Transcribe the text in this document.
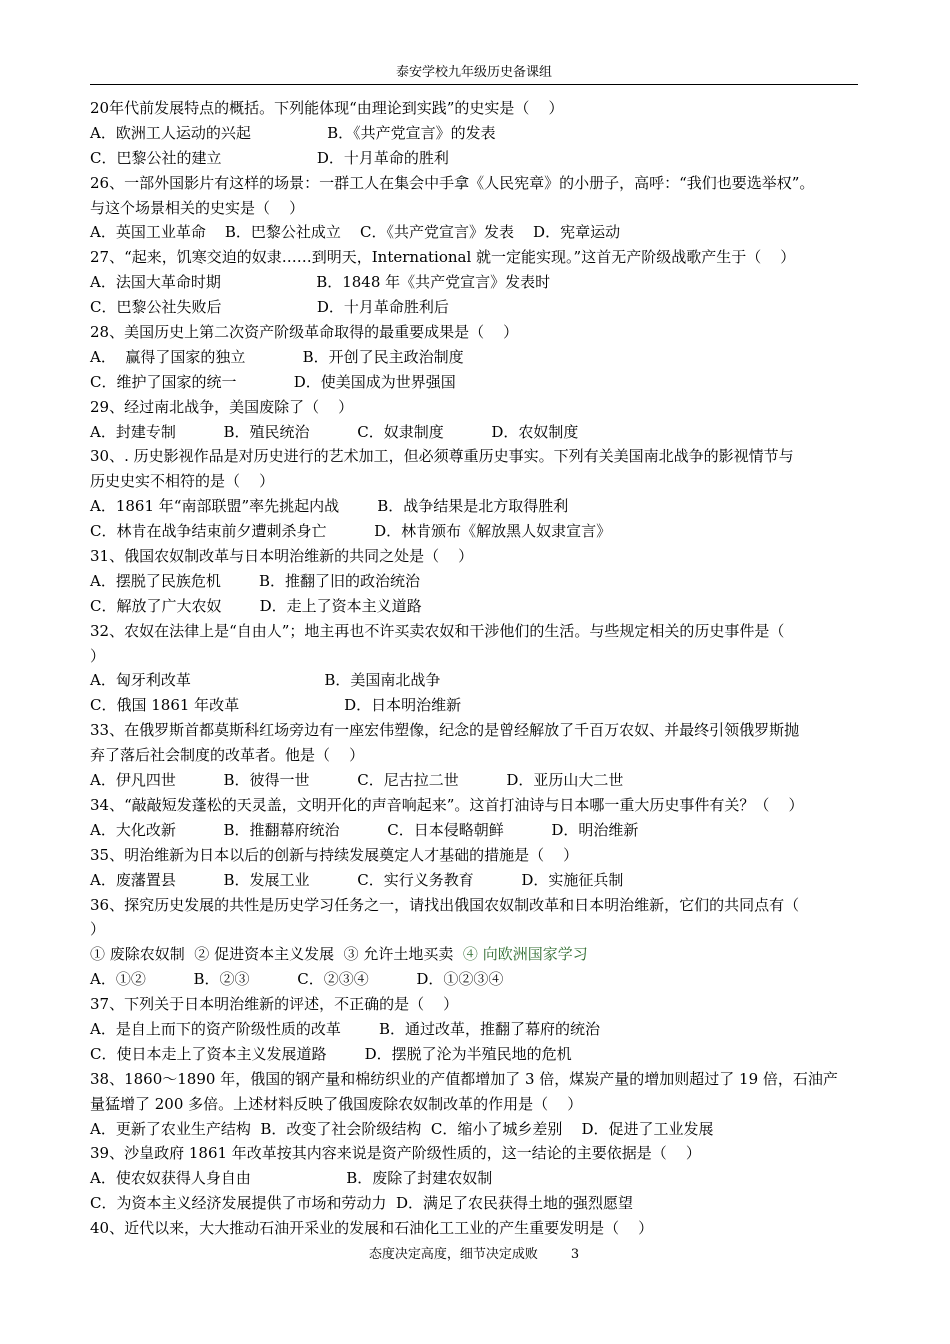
泰安学校九年级历史备课组
20年代前发展特点的概括。下列能体现“由理论到实践”的史实是（    ）
A．欧洲工人运动的兴起                B．《共产党宣言》的发表
C．巴黎公社的建立                    D．十月革命的胜利
26、一部外国影片有这样的场景：一群工人在集会中手拿《人民宪章》的小册子，高呼：“我们也要选举权”。
与这个场景相关的史实是（    ）
A．英国工业革命    B．巴黎公社成立    C．《共产党宣言》发表    D．宪章运动
27、“起来，饥寒交迫的奴隶……到明天，International 就一定能实现。”这首无产阶级战歌产生于（    ）
A．法国大革命时期                    B．1848 年《共产党宣言》发表时
C．巴黎公社失败后                    D．十月革命胜利后
28、美国历史上第二次资产阶级革命取得的最重要成果是（    ）
A．  赢得了国家的独立            B．开创了民主政治制度
C．维护了国家的统一            D．使美国成为世界强国
29、经过南北战争，美国废除了（    ）
A．封建专制          B．殖民统治          C．奴隶制度          D．农奴制度
30、. 历史影视作品是对历史进行的艺术加工，但必须尊重历史事实。下列有关美国南北战争的影视情节与
历史史实不相符的是（    ）
A．1861 年“南部联盟”率先挑起内战        B．战争结果是北方取得胜利
C．林肯在战争结束前夕遭刺杀身亡          D．林肯颁布《解放黑人奴隶宣言》
31、俄国农奴制改革与日本明治维新的共同之处是（    ）
A．摆脱了民族危机        B．推翻了旧的政治统治
C．解放了广大农奴        D．走上了资本主义道路
32、农奴在法律上是“自由人”；地主再也不许买卖农奴和干涉他们的生活。与些规定相关的历史事件是（
）
A．匈牙利改革                            B．美国南北战争
C．俄国 1861 年改革                      D．日本明治维新
33、在俄罗斯首都莫斯科红场旁边有一座宏伟塑像，纪念的是曾经解放了千百万农奴、并最终引领俄罗斯抛
弃了落后社会制度的改革者。他是（    ）
A．伊凡四世          B．彼得一世          C．尼古拉二世          D．亚历山大二世
34、“敲敲短发蓬松的天灵盖，文明开化的声音响起来”。这首打油诗与日本哪一重大历史事件有关？（    ）
A．大化改新          B．推翻幕府统治          C．日本侵略朝鲜          D．明治维新
35、明治维新为日本以后的创新与持续发展奠定人才基础的措施是（    ）
A．废藩置县          B．发展工业          C．实行义务教育          D．实施征兵制
36、探究历史发展的共性是历史学习任务之一，请找出俄国农奴制改革和日本明治维新，它们的共同点有（
）
① 废除农奴制  ② 促进资本主义发展  ③ 允许土地买卖  ④ 向欧洲国家学习
A．①②          B．②③          C．②③④          D．①②③④
37、下列关于日本明治维新的评述，不正确的是（    ）
A．是自上而下的资产阶级性质的改革        B．通过改革，推翻了幕府的统治
C．使日本走上了资本主义发展道路        D．摆脱了沦为半殖民地的危机
38、1860～1890 年，俄国的钢产量和棉纺织业的产值都增加了 3 倍，煤炭产量的增加则超过了 19 倍，石油产
量猛增了 200 多倍。上述材料反映了俄国废除农奴制改革的作用是（    ）
A．更新了农业生产结构  B．改变了社会阶级结构  C．缩小了城乡差别    D．促进了工业发展
39、沙皇政府 1861 年改革按其内容来说是资产阶级性质的，这一结论的主要依据是（    ）
A．使农奴获得人身自由                    B．废除了封建农奴制
C．为资本主义经济发展提供了市场和劳动力  D．满足了农民获得土地的强烈愿望
40、近代以来，大大推动石油开采业的发展和石油化工工业的产生重要发明是（    ）
态度决定高度，细节决定成败        3
